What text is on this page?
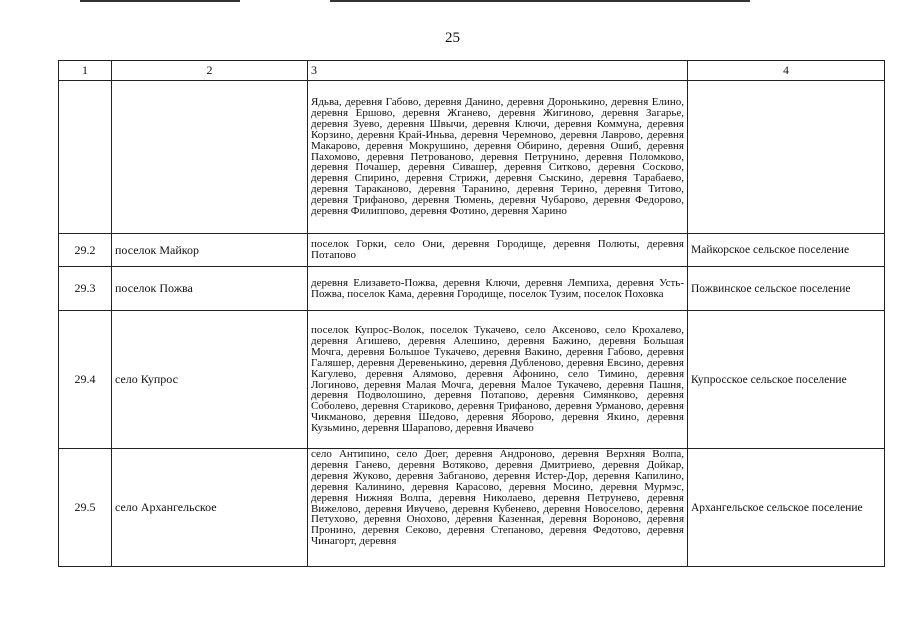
25
1	2	3	4
		Ядьва, деревня Габово, деревня Данино, деревня Доронькино, деревня Елино, деревня Ершово, деревня Жганево, деревня Жигиново, деревня Загарье, деревня Зуево, деревня Швычи, деревня Ключи, деревня Коммуна, деревня Корзино, деревня Край-Иньва, деревня Черемново, деревня Лаврово, деревня Макарово, деревня Мокрушино, деревня Обирино, деревня Ошиб, деревня Пахомово, деревня Петрованово, деревня Петрунино, деревня Поломково, деревня Почашер, деревня Сивашер, деревня Ситково, деревня Сосково, деревня Спирино, деревня Стрижи, деревня Сыскино, деревня Тарабаево, деревня Тараканово, деревня Таранино, деревня Терино, деревня Титово, деревня Трифаново, деревня Тюмень, деревня Чубарово, деревня Федорово, деревня Филиппово, деревня Фотино, деревня Харино	
29.2	поселок Майкор	поселок Горки, село Они, деревня Городище, деревня Полюты, деревня Потапово	Майкорское сельское поселение
29.3	поселок Пожва	деревня Елизавето-Пожва, деревня Ключи, деревня Лемпиха, деревня Усть-Пожва, поселок Кама, деревня Городище, поселок Тузим, поселок Поховка	Пожвинское сельское поселение
29.4	село Купрос	поселок Купрос-Волок, поселок Тукачево, село Аксеново, село Крохалево, деревня Агишево, деревня Алешино, деревня Бажино, деревня Большая Мочга, деревня Большое Тукачево, деревня Вакино, деревня Габово, деревня Галяшер, деревня Деревенькино, деревня Дубленово, деревня Евсино, деревня Кагулево, деревня Алямово, деревня Афонино, село Тимино, деревня Логиново, деревня Малая Мочга, деревня Малое Тукачево, деревня Пашня, деревня Подволошино, деревня Потапово, деревня Симянково, деревня Соболево, деревня Стариково, деревня Трифаново, деревня Урманово, деревня Чикманово, деревня Шедово, деревня Яборово, деревня Якино, деревня Кузьмино, деревня Шарапово, деревня Ивачево	Купросское сельское поселение
29.5	село Архангельское	село Антипино, село Доег, деревня Андроново, деревня Верхняя Волпа, деревня Ганево, деревня Вотяково, деревня Дмитриево, деревня Дойкар, деревня Жуково, деревня Забганово, деревня Истер-Дор, деревня Капилино, деревня Калинино, деревня Карасово, деревня Мосино, деревня Мурмэс, деревня Нижняя Волпа, деревня Николаево, деревня Петрунево, деревня Вижелово, деревня Ивучево, деревня Кубенево, деревня Новоселово, деревня Петухово, деревня Онохово, деревня Казенная, деревня Вороново, деревня Пронино, деревня Секово, деревня Степаново, деревня Федотово, деревня Чинагорт, деревня	Архангельское сельское поселение
